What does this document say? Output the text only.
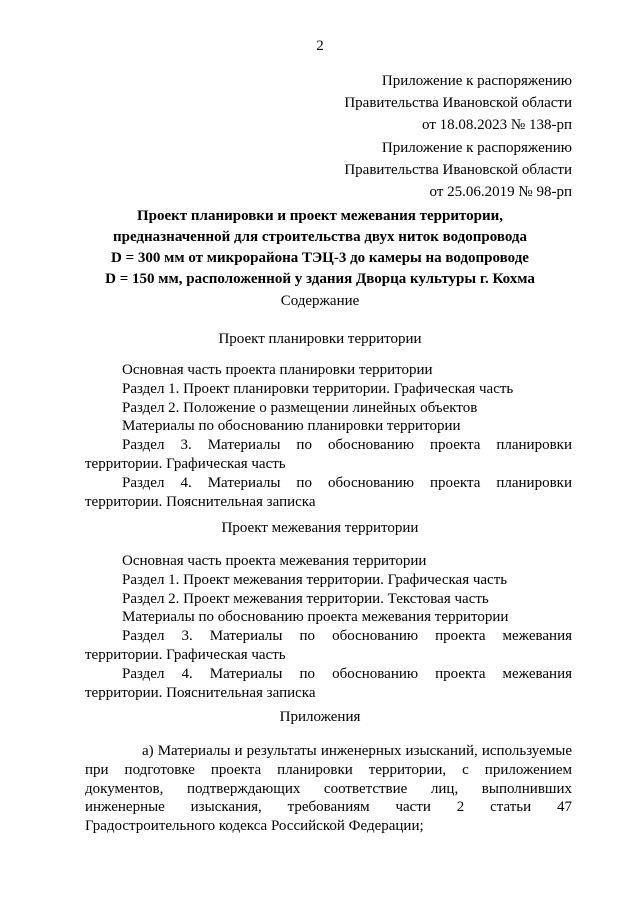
2
Приложение к распоряжению
Правительства Ивановской области
от 18.08.2023 № 138-рп
Приложение к распоряжению
Правительства Ивановской области
от 25.06.2019 № 98-рп
Проект планировки и проект межевания территории,
предназначенной для строительства двух ниток водопровода
D = 300 мм от микрорайона ТЭЦ-3 до камеры на водопроводе
D = 150 мм, расположенной у здания Дворца культуры г. Кохма
Содержание
Проект планировки территории
Основная часть проекта планировки территории
Раздел 1. Проект планировки территории. Графическая часть
Раздел 2. Положение о размещении линейных объектов
Материалы по обоснованию планировки территории
Раздел 3. Материалы по обоснованию проекта планировки территории. Графическая часть
Раздел 4. Материалы по обоснованию проекта планировки территории. Пояснительная записка
Проект межевания территории
Основная часть проекта межевания территории
Раздел 1. Проект межевания территории. Графическая часть
Раздел 2. Проект межевания территории. Текстовая часть
Материалы по обоснованию проекта межевания территории
Раздел 3. Материалы по обоснованию проекта межевания территории. Графическая часть
Раздел 4. Материалы по обоснованию проекта межевания территории. Пояснительная записка
Приложения
а) Материалы и результаты инженерных изысканий, используемые при подготовке проекта планировки территории, с приложением документов, подтверждающих соответствие лиц, выполнивших инженерные изыскания, требованиям части 2 статьи 47 Градостроительного кодекса Российской Федерации;
